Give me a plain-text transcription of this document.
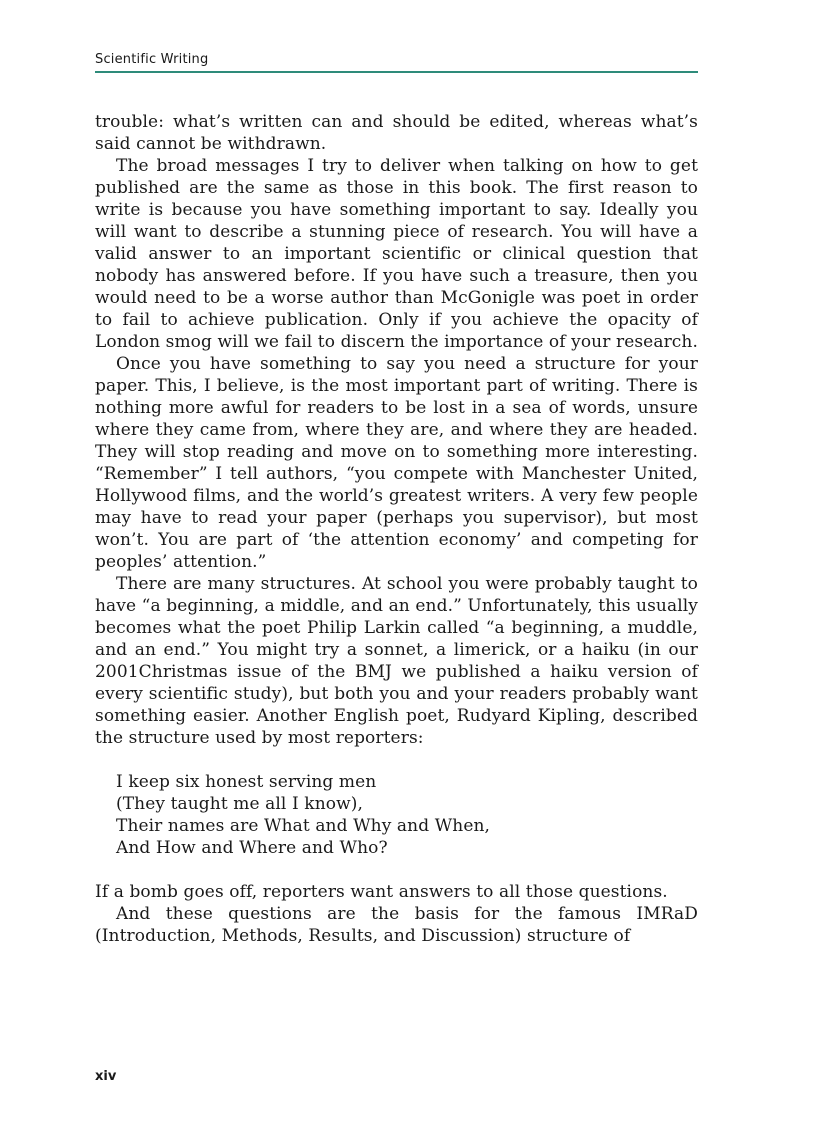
Scientific Writing

trouble: what’s written can and should be edited, whereas what’s said cannot be withdrawn.

The broad messages I try to deliver when talking on how to get published are the same as those in this book. The first reason to write is because you have something important to say. Ideally you will want to describe a stunning piece of research. You will have a valid answer to an important scientific or clinical question that nobody has answered before. If you have such a treasure, then you would need to be a worse author than McGonigle was poet in order to fail to achieve publication. Only if you achieve the opacity of London smog will we fail to discern the importance of your research.

Once you have something to say you need a structure for your paper. This, I believe, is the most important part of writing. There is nothing more awful for readers to be lost in a sea of words, unsure where they came from, where they are, and where they are headed. They will stop reading and move on to something more interesting. “Remember” I tell authors, “you compete with Manchester United, Hollywood films, and the world’s greatest writers. A very few people may have to read your paper (perhaps you supervisor), but most won’t. You are part of ‘the attention economy’ and competing for peoples’ attention.”

There are many structures. At school you were probably taught to have “a beginning, a middle, and an end.” Unfortunately, this usually becomes what the poet Philip Larkin called “a beginning, a muddle, and an end.” You might try a sonnet, a limerick, or a haiku (in our 2001Christmas issue of the BMJ we published a haiku version of every scientific study), but both you and your readers probably want something easier. Another English poet, Rudyard Kipling, described the structure used by most reporters:

I keep six honest serving men
(They taught me all I know),
Their names are What and Why and When,
And How and Where and Who?

If a bomb goes off, reporters want answers to all those questions.

And these questions are the basis for the famous IMRaD (Introduction, Methods, Results, and Discussion) structure of

xiv
